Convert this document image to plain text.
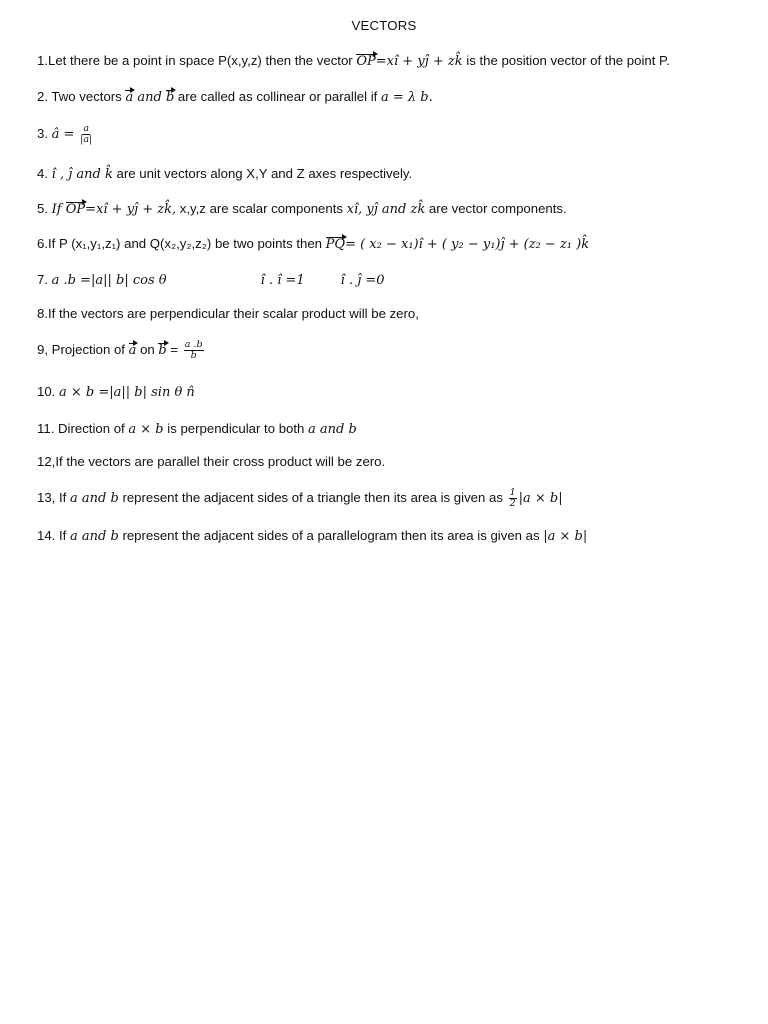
VECTORS
1.Let there be a point in space P(x,y,z) then the vector OP=xî + yĵ + zk̂ is the position vector of the point P.
2. Two vectors a and b are called as collinear or parallel if a = λ b.
3. â = $\frac{a}{|a|}$
4. î , ĵ and k̂ are unit vectors along X,Y and Z axes respectively.
5. If OP=xî + yĵ + zk̂, x,y,z are scalar components xî, yĵ and zk̂ are vector components.
6.If P (x₁,y₁,z₁) and Q(x₂,y₂,z₂) be two points then PQ= ( x₂ − x₁)î + ( y₂ − y₁)ĵ + (z₂ − z₁ )k̂
7. a .b =|a|| b| cos θ	î . î =1	î . ĵ =0
8.If the vectors are perpendicular their scalar product will be zero,
9, Projection of a on $b = \frac{a .b}{b}$
10. a × b =|a|| b| sin θ n̂
11. Direction of a × b is perpendicular to both a and b
12,If the vectors are parallel their cross product will be zero.
13, If a and b represent the adjacent sides of a triangle then its area is given as $\frac{1}{2} |a \times b|$
14. If a and b represent the adjacent sides of a parallelogram then its area is given as |a × b|
